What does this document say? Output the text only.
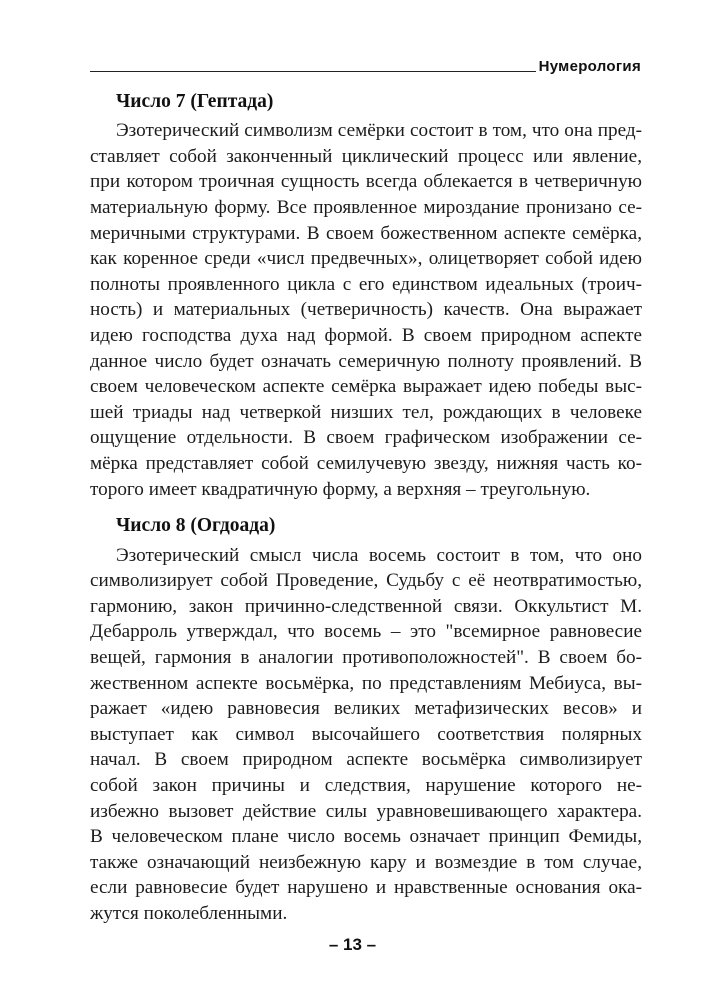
Нумерология
Число 7 (Гептада)
Эзотерический символизм семёрки состоит в том, что она пред-
ставляет собой законченный циклический процесс или явление,
при котором троичная сущность всегда облекается в четверичную
материальную форму. Все проявленное мироздание пронизано се-
меричными структурами. В своем божественном аспекте семёрка,
как коренное среди «числ предвечных», олицетворяет собой идею
полноты проявленного цикла с его единством идеальных (троич-
ность) и материальных (четверичность) качеств. Она выражает
идею господства духа над формой. В своем природном аспекте
данное число будет означать семеричную полноту проявлений. В
своем человеческом аспекте семёрка выражает идею победы выс-
шей триады над четверкой низших тел, рождающих в человеке
ощущение отдельности. В своем графическом изображении се-
мёрка представляет собой семилучевую звезду, нижняя часть ко-
торого имеет квадратичную форму, а верхняя – треугольную.
Число 8 (Огдоада)
Эзотерический смысл числа восемь состоит в том, что оно
символизирует собой Проведение, Судьбу с её неотвратимостью,
гармонию, закон причинно-следственной связи. Оккультист М.
Дебарроль утверждал, что восемь – это "всемирное равновесие
вещей, гармония в аналогии противоположностей". В своем бо-
жественном аспекте восьмёрка, по представлениям Мебиуса, вы-
ражает «идею равновесия великих метафизических весов» и
выступает как символ высочайшего соответствия полярных
начал. В своем природном аспекте восьмёрка символизирует
собой закон причины и следствия, нарушение которого не-
избежно вызовет действие силы уравновешивающего характера.
В человеческом плане число восемь означает принцип Фемиды,
также означающий неизбежную кару и возмездие в том случае,
если равновесие будет нарушено и нравственные основания ока-
жутся поколебленными.
– 13 –
